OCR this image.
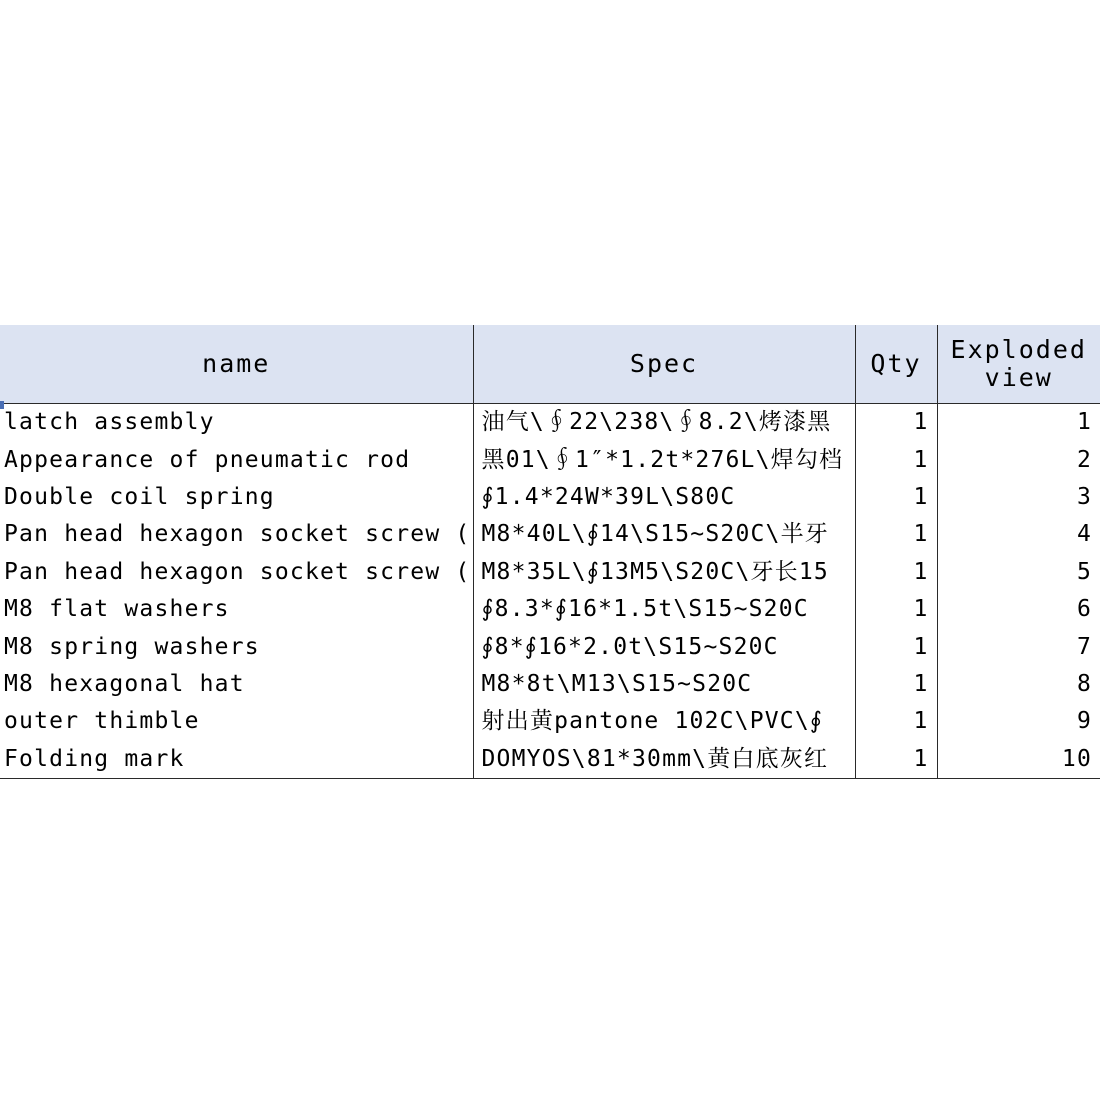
name	Spec	Qty	Exploded view
latch assembly	油气\∮22\238\∮8.2\烤漆黑	1	1
Appearance of pneumatic rod	黑01\∮1″*1.2t*276L\焊勾档	1	2
Double coil spring	∮1.4*24W*39L\S80C	1	3
Pan head hexagon socket screw (	M8*40L\∮14\S15~S20C\半牙	1	4
Pan head hexagon socket screw (	M8*35L\∮13M5\S20C\牙长15	1	5
M8 flat washers	∮8.3*∮16*1.5t\S15~S20C	1	6
M8 spring washers	∮8*∮16*2.0t\S15~S20C	1	7
M8 hexagonal hat	M8*8t\M13\S15~S20C	1	8
outer thimble	射出黄pantone 102C\PVC\∮	1	9
Folding mark	DOMYOS\81*30mm\黄白底灰红	1	10
